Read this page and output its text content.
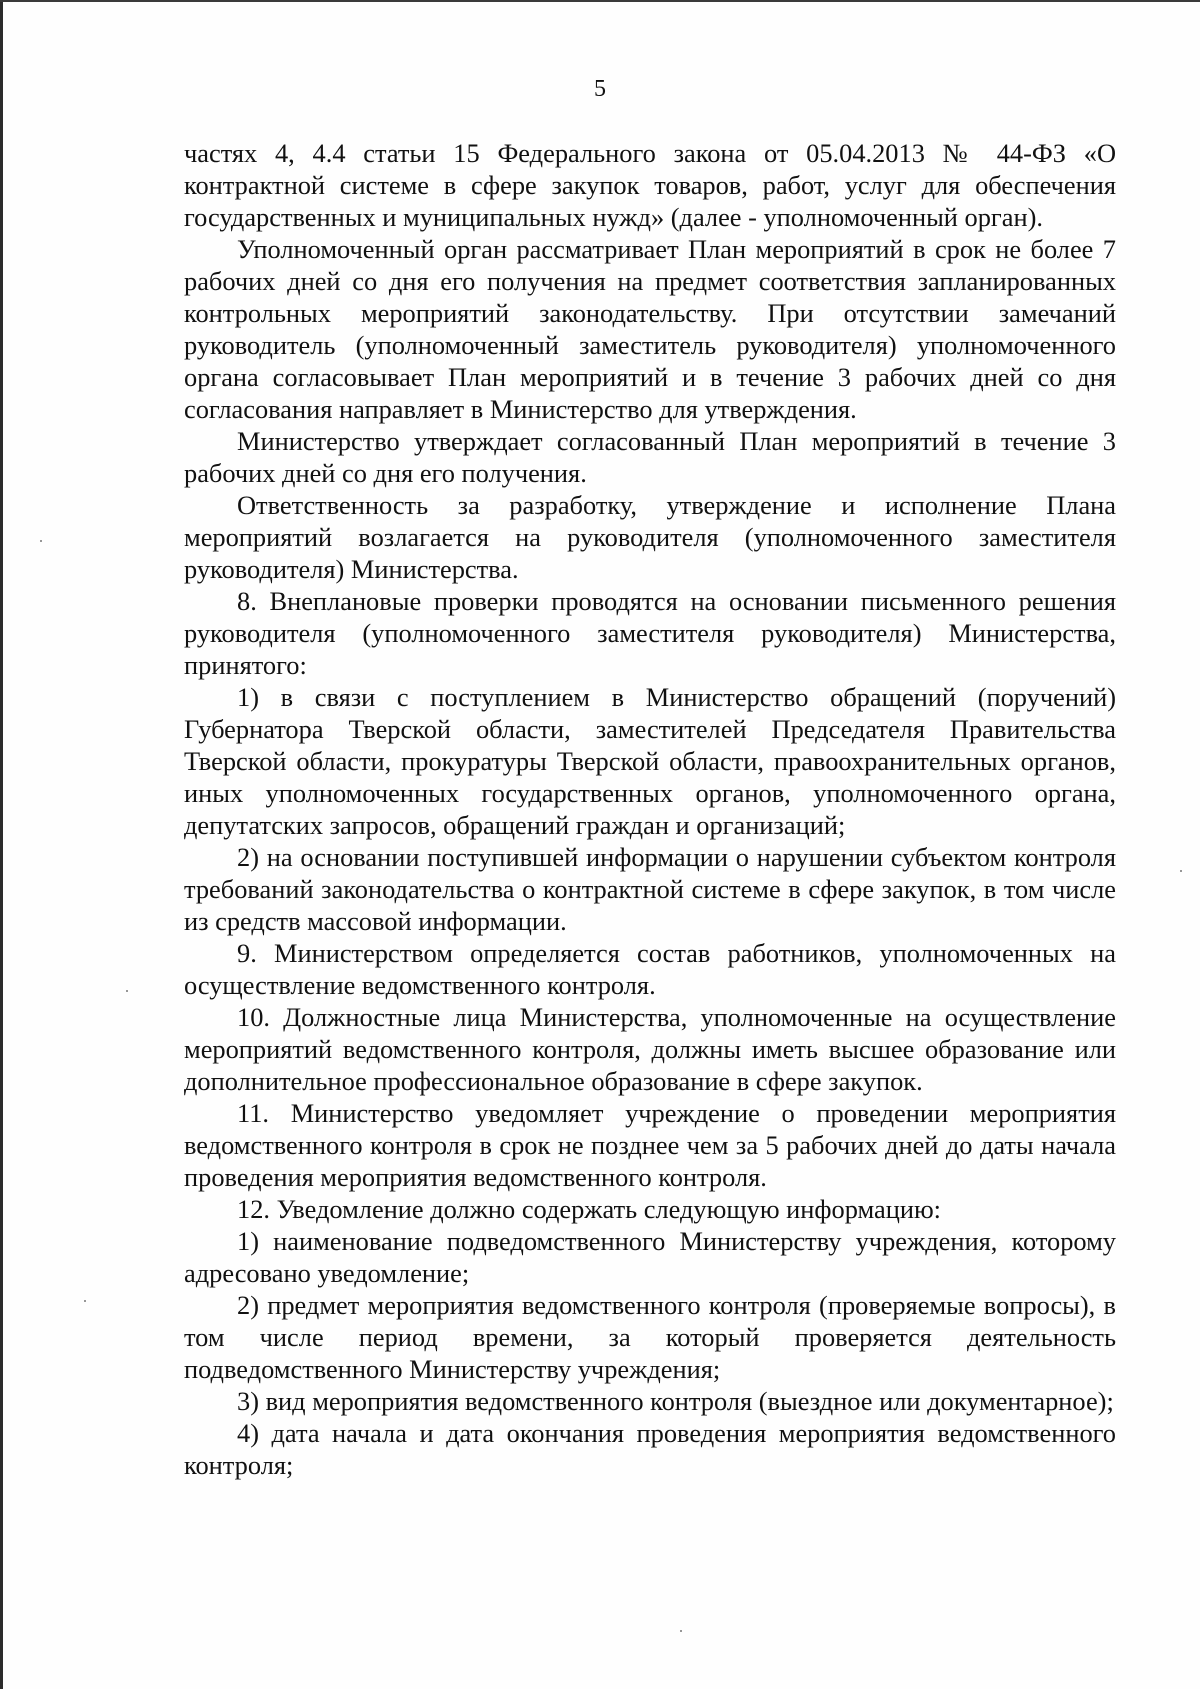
5

частях 4, 4.4 статьи 15 Федерального закона от 05.04.2013 № 44-ФЗ «О контрактной системе в сфере закупок товаров, работ, услуг для обеспечения государственных и муниципальных нужд» (далее - уполномоченный орган).

Уполномоченный орган рассматривает План мероприятий в срок не более 7 рабочих дней со дня его получения на предмет соответствия запланированных контрольных мероприятий законодательству. При отсутствии замечаний руководитель (уполномоченный заместитель руководителя) уполномоченного органа согласовывает План мероприятий и в течение 3 рабочих дней со дня согласования направляет в Министерство для утверждения.

Министерство утверждает согласованный План мероприятий в течение 3 рабочих дней со дня его получения.

Ответственность за разработку, утверждение и исполнение Плана мероприятий возлагается на руководителя (уполномоченного заместителя руководителя) Министерства.

8. Внеплановые проверки проводятся на основании письменного решения руководителя (уполномоченного заместителя руководителя) Министерства, принятого:

1) в связи с поступлением в Министерство обращений (поручений) Губернатора Тверской области, заместителей Председателя Правительства Тверской области, прокуратуры Тверской области, правоохранительных органов, иных уполномоченных государственных органов, уполномоченного органа, депутатских запросов, обращений граждан и организаций;

2) на основании поступившей информации о нарушении субъектом контроля требований законодательства о контрактной системе в сфере закупок, в том числе из средств массовой информации.

9. Министерством определяется состав работников, уполномоченных на осуществление ведомственного контроля.

10. Должностные лица Министерства, уполномоченные на осуществление мероприятий ведомственного контроля, должны иметь высшее образование или дополнительное профессиональное образование в сфере закупок.

11. Министерство уведомляет учреждение о проведении мероприятия ведомственного контроля в срок не позднее чем за 5 рабочих дней до даты начала проведения мероприятия ведомственного контроля.

12. Уведомление должно содержать следующую информацию:

1) наименование подведомственного Министерству учреждения, которому адресовано уведомление;

2) предмет мероприятия ведомственного контроля (проверяемые вопросы), в том числе период времени, за который проверяется деятельность подведомственного Министерству учреждения;

3) вид мероприятия ведомственного контроля (выездное или документарное);

4) дата начала и дата окончания проведения мероприятия ведомственного контроля;
